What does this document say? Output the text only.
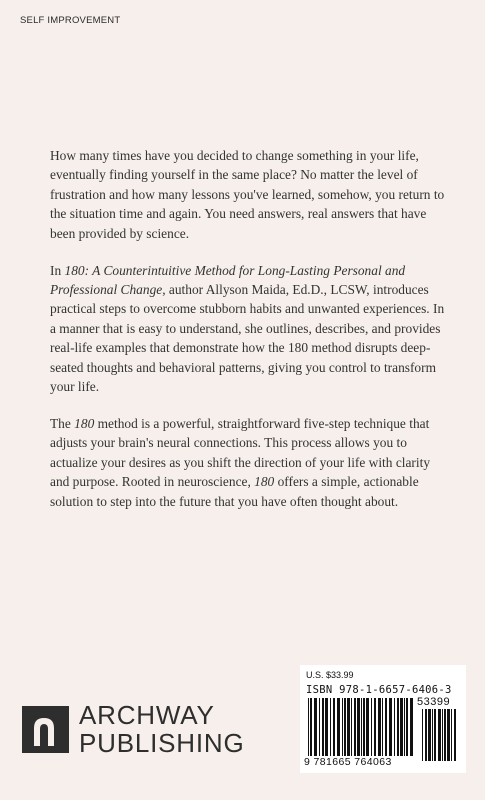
SELF IMPROVEMENT

How many times have you decided to change something in your life, eventually finding yourself in the same place? No matter the level of frustration and how many lessons you've learned, somehow, you return to the situation time and again. You need answers, real answers that have been provided by science.

In 180: A Counterintuitive Method for Long-Lasting Personal and Professional Change, author Allyson Maida, Ed.D., LCSW, introduces practical steps to overcome stubborn habits and unwanted experiences. In a manner that is easy to understand, she outlines, describes, and provides real-life examples that demonstrate how the 180 method disrupts deep-seated thoughts and behavioral patterns, giving you control to transform your life.

The 180 method is a powerful, straightforward five-step technique that adjusts your brain's neural connections. This process allows you to actualize your desires as you shift the direction of your life with clarity and purpose. Rooted in neuroscience, 180 offers a simple, actionable solution to step into the future that you have often thought about.

ARCHWAY
PUBLISHING
U.S. $33.99
ISBN 978-1-6657-6406-3
53399
9 781665 764063
